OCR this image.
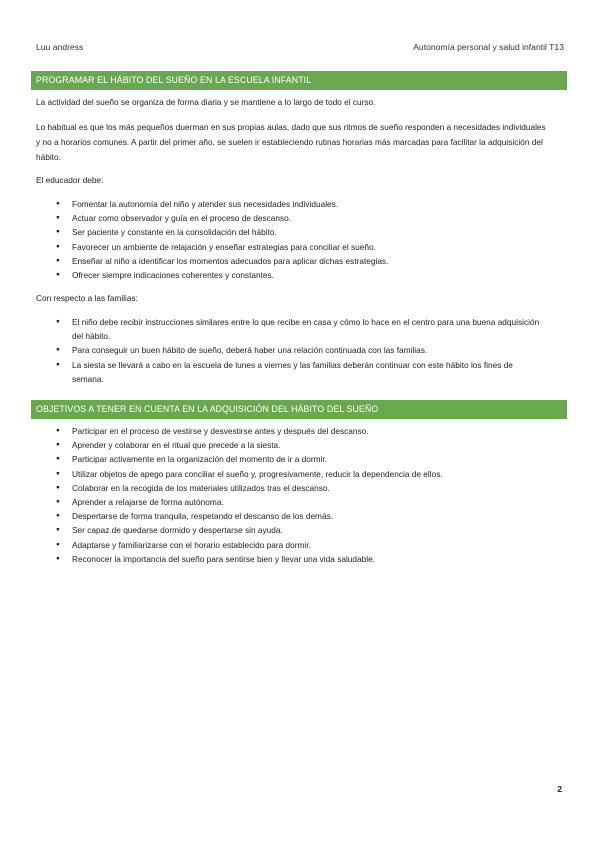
Luu andress	Autonomía personal y salud infantil T13
PROGRAMAR EL HÁBITO DEL SUEÑO EN LA ESCUELA INFANTIL

La actividad del sueño se organiza de forma diaria y se mantiene a lo largo de todo el curso.

Lo habitual es que los más pequeños duerman en sus propias aulas, dado que sus ritmos de sueño responden a necesidades individuales y no a horarios comunes. A partir del primer año, se suelen ir estableciendo rutinas horarias más marcadas para facilitar la adquisición del hábito.

El educador debe:

● Fomentar la autonomía del niño y atender sus necesidades individuales.
● Actuar como observador y guía en el proceso de descanso.
● Ser paciente y constante en la consolidación del hábito.
● Favorecer un ambiente de relajación y enseñar estrategias para conciliar el sueño.
● Enseñar al niño a identificar los momentos adecuados para aplicar dichas estrategias.
● Ofrecer siempre indicaciones coherentes y constantes.

Con respecto a las familias:

● El niño debe recibir instrucciones similares entre lo que recibe en casa y cómo lo hace en el centro para una buena adquisición del hábito.
● Para conseguir un buen hábito de sueño, deberá haber una relación continuada con las familias.
● La siesta se llevará a cabo en la escuela de lunes a viernes y las familias deberán continuar con este hábito los fines de semana.
OBJETIVOS A TENER EN CUENTA EN LA ADQUISICIÓN DEL HÁBITO DEL SUEÑO
● Participar en el proceso de vestirse y desvestirse antes y después del descanso.
● Aprender y colaborar en el ritual que precede a la siesta.
● Participar activamente en la organización del momento de ir a dormir.
● Utilizar objetos de apego para conciliar el sueño y, progresivamente, reducir la dependencia de ellos.
● Colaborar en la recogida de los materiales utilizados tras el descanso.
● Aprender a relajarse de forma autónoma.
● Despertarse de forma tranquila, respetando el descanso de los demás.
● Ser capaz de quedarse dormido y despertarse sin ayuda.
● Adaptarse y familiarizarse con el horario establecido para dormir.
● Reconocer la importancia del sueño para sentirse bien y llevar una vida saludable.
2
